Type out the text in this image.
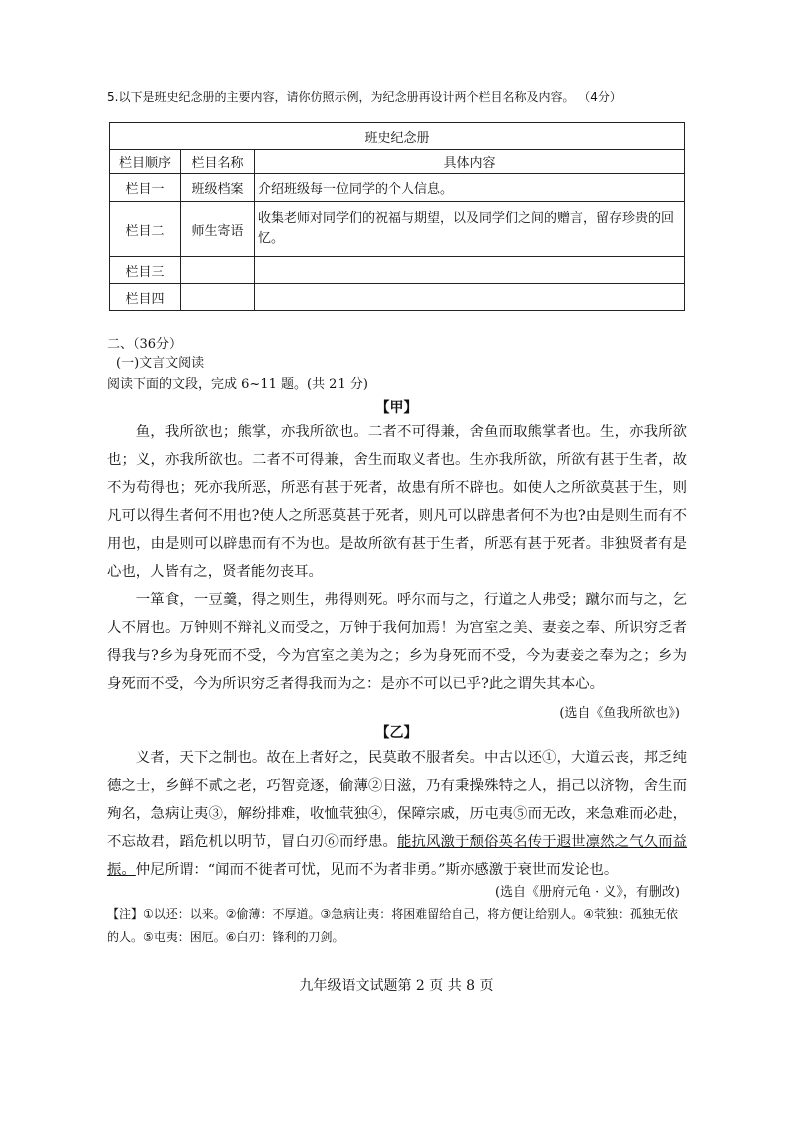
5.以下是班史纪念册的主要内容，请你仿照示例，为纪念册再设计两个栏目名称及内容。 （4分）
班史纪念册		
栏目顺序	栏目名称	具体内容
栏目一	班级档案	介绍班级每一位同学的个人信息。
栏目二	师生寄语	收集老师对同学们的祝福与期望，以及同学们之间的赠言，留存珍贵的回忆。
栏目三		
栏目四		
二、（36分）
(一)文言文阅读
阅读下面的文段，完成 6~11 题。(共 21 分)
【甲】
鱼，我所欲也；熊掌，亦我所欲也。二者不可得兼，舍鱼而取熊掌者也。生，亦我所欲也；义，亦我所欲也。二者不可得兼，舍生而取义者也。生亦我所欲，所欲有甚于生者，故不为苟得也；死亦我所恶，所恶有甚于死者，故患有所不辟也。如使人之所欲莫甚于生，则凡可以得生者何不用也?使人之所恶莫甚于死者，则凡可以辟患者何不为也?由是则生而有不用也，由是则可以辟患而有不为也。是故所欲有甚于生者，所恶有甚于死者。非独贤者有是心也，人皆有之，贤者能勿丧耳。
一箪食，一豆羹，得之则生，弗得则死。呼尔而与之，行道之人弗受；蹴尔而与之，乞人不屑也。万钟则不辩礼义而受之，万钟于我何加焉！为宫室之美、妻妾之奉、所识穷乏者得我与?乡为身死而不受，今为宫室之美为之；乡为身死而不受，今为妻妾之奉为之；乡为身死而不受，今为所识穷乏者得我而为之：是亦不可以已乎?此之谓失其本心。
(选自《鱼我所欲也》)
【乙】
义者，天下之制也。故在上者好之，民莫敢不服者矣。中古以还①，大道云丧，邦乏纯德之士，乡鲜不贰之老，巧智竞逐，偷薄②日滋，乃有秉操殊特之人，捐己以济物，舍生而殉名，急病让夷③，解纷排难，收恤茕独④，保障宗戚，历屯夷⑤而无改，来急难而必赴，不忘故君，蹈危机以明节，冒白刃⑥而纾患。能抗风激于颓俗英名传于遐世凛然之气久而益振。仲尼所谓：“闻而不徙者可忧，见而不为者非勇。”斯亦感激于衰世而发论也。
(选自《册府元龟 · 义》，有删改)
【注】①以还：以来。②偷薄：不厚道。③急病让夷：将困难留给自己，将方便让给别人。④茕独：孤独无依的人。⑤屯夷：困厄。⑥白刃：锋利的刀剑。
九年级语文试题第 2 页 共 8 页
